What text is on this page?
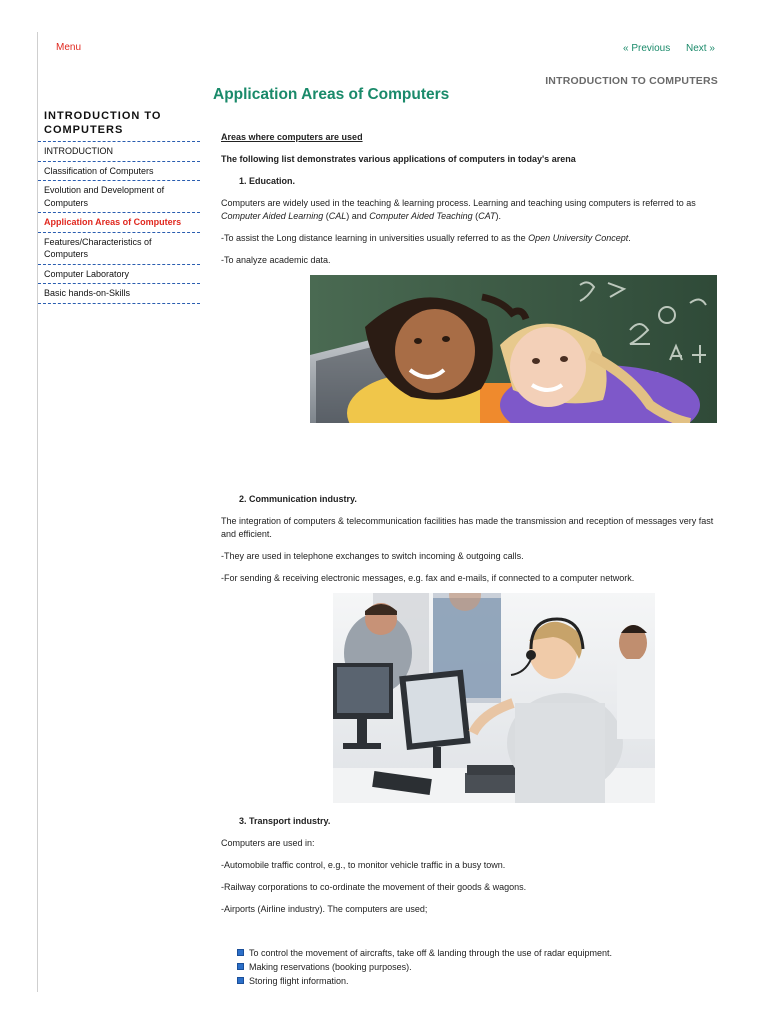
Menu	« Previous Next »
INTRODUCTION TO COMPUTERS
Application Areas of Computers
INTRODUCTION TO COMPUTERS
INTRODUCTION
Classification of Computers
Evolution and Development of Computers
Application Areas of Computers
Features/Characteristics of Computers
Computer Laboratory
Basic hands-on-Skills

Areas where computers are used

The following list demonstrates various applications of computers in today's arena

1. Education.

Computers are widely used in the teaching & learning process. Learning and teaching using computers is referred to as Computer Aided Learning (CAL) and Computer Aided Teaching (CAT).

-To assist the Long distance learning in universities usually referred to as the Open University Concept.

-To analyze academic data.

2. Communication industry.

The integration of computers & telecommunication facilities has made the transmission and reception of messages very fast and efficient.

-They are used in telephone exchanges to switch incoming & outgoing calls.

-For sending & receiving electronic messages, e.g. fax and e-mails, if connected to a computer network.

3. Transport industry.

Computers are used in:

-Automobile traffic control, e.g., to monitor vehicle traffic in a busy town.

-Railway corporations to co-ordinate the movement of their goods & wagons.

-Airports (Airline industry). The computers are used;

To control the movement of aircrafts, take off & landing through the use of radar equipment.
Making reservations (booking purposes).
Storing flight information.
